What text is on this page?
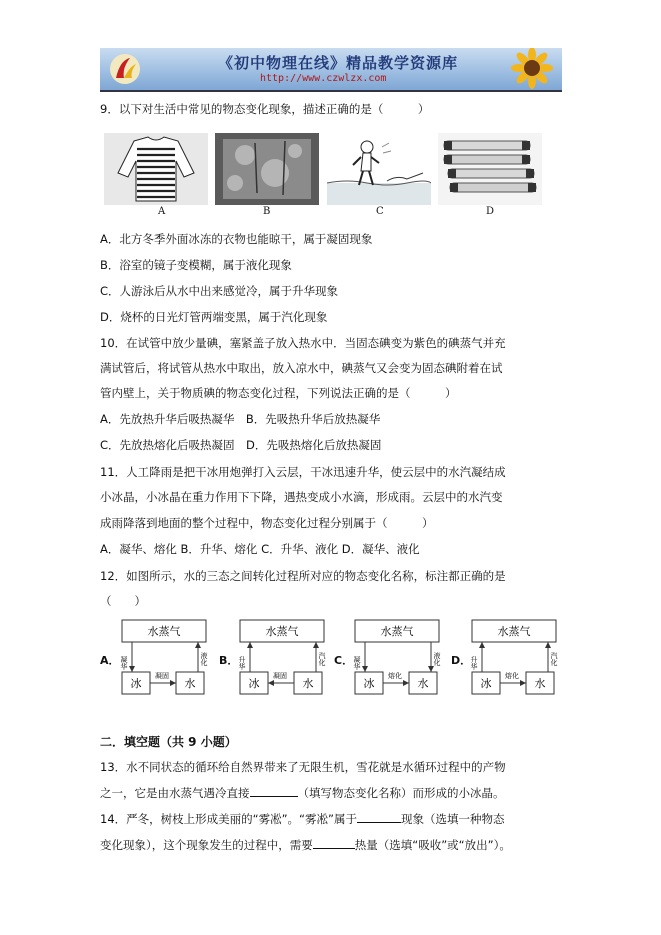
《初中物理在线》精品教学资源库
http://www.czwlzx.com
9．以下对生活中常见的物态变化现象，描述正确的是（　　　）
A	B	C	D
A．北方冬季外面冰冻的衣物也能晾干，属于凝固现象
B．浴室的镜子变模糊，属于液化现象
C．人游泳后从水中出来感觉冷，属于升华现象
D．烧杯的日光灯管两端变黑，属于汽化现象
10．在试管中放少量碘，塞紧盖子放入热水中．当固态碘变为紫色的碘蒸气并充
满试管后，将试管从热水中取出，放入凉水中，碘蒸气又会变为固态碘附着在试
管内壁上，关于物质碘的物态变化过程，下列说法正确的是（　　　）
A．先放热升华后吸热凝华　B．先吸热升华后放热凝华
C．先放热熔化后吸热凝固　D．先吸热熔化后放热凝固
11．人工降雨是把干冰用炮弹打入云层，干冰迅速升华，使云层中的水汽凝结成
小冰晶，小冰晶在重力作用下下降，遇热变成小水滴，形成雨。云层中的水汽变
成雨降落到地面的整个过程中，物态变化过程分别属于（　　　）
A．凝华、熔化 B．升华、熔化 C．升华、液化 D．凝华、液化
12．如图所示，水的三态之间转化过程所对应的物态变化名称，标注都正确的是
（　　）
A．	B．	C．	D．
水蒸气
冰	水
凝华
凝固
液化
水蒸气
冰	水
升华
凝固
汽化
水蒸气
冰	水
凝华
熔化
液化
水蒸气
冰	水
升华
熔化
汽化
二．填空题（共 9 小题）
13．水不同状态的循环给自然界带来了无限生机，雪花就是水循环过程中的产物
之一，它是由水蒸气遇冷直接	（填写物态变化名称）而形成的小冰晶。
14．严冬，树枝上形成美丽的“雾凇”。“雾凇”属于	现象（选填一种物态
变化现象），这个现象发生的过程中，需要	热量（选填“吸收”或“放出”）。
